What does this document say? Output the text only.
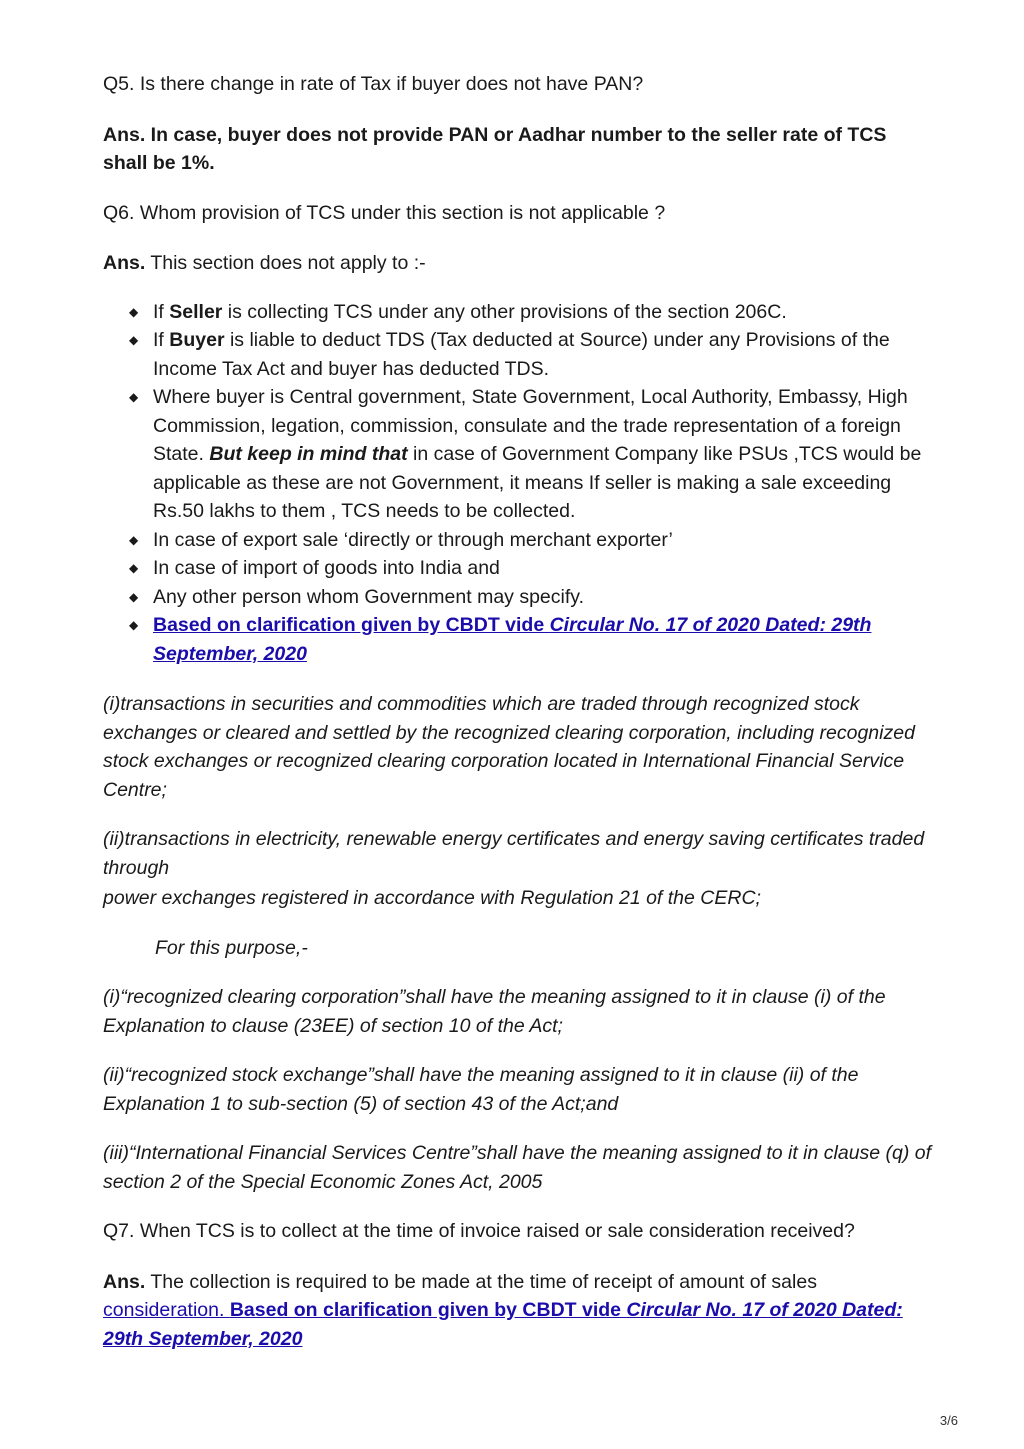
Q5. Is there change in rate of Tax if buyer does not have PAN?

Ans. In case, buyer does not provide PAN or Aadhar number to the seller rate of TCS shall be 1%.

Q6. Whom provision of TCS under this section is not applicable ?

Ans. This section does not apply to :-

◆ If Seller is collecting TCS under any other provisions of the section 206C.
◆ If Buyer is liable to deduct TDS (Tax deducted at Source) under any Provisions of the Income Tax Act and buyer has deducted TDS.
◆ Where buyer is Central government, State Government, Local Authority, Embassy, High Commission, legation, commission, consulate and the trade representation of a foreign State. But keep in mind that in case of Government Company like PSUs ,TCS would be applicable as these are not Government, it means If seller is making a sale exceeding Rs.50 lakhs to them , TCS needs to be collected.
◆ In case of export sale ‘directly or through merchant exporter’
◆ In case of import of goods into India and
◆ Any other person whom Government may specify.
◆ Based on clarification given by CBDT vide Circular No. 17 of 2020 Dated: 29th September, 2020

(i)transactions in securities and commodities which are traded through recognized stock exchanges or cleared and settled by the recognized clearing corporation, including recognized stock exchanges or recognized clearing corporation located in International Financial Service Centre;

(ii)transactions in electricity, renewable energy certificates and energy saving certificates traded through

power exchanges registered in accordance with Regulation 21 of the CERC;

For this purpose,-

(i)“recognized clearing corporation”shall have the meaning assigned to it in clause (i) of the Explanation to clause (23EE) of section 10 of the Act;

(ii)“recognized stock exchange”shall have the meaning assigned to it in clause (ii) of the Explanation 1 to sub-section (5) of section 43 of the Act;and

(iii)“International Financial Services Centre”shall have the meaning assigned to it in clause (q) of section 2 of the Special Economic Zones Act, 2005

Q7. When TCS is to collect at the time of invoice raised or sale consideration received?

Ans. The collection is required to be made at the time of receipt of amount of sales consideration. Based on clarification given by CBDT vide Circular No. 17 of 2020 Dated: 29th September, 2020

3/6
